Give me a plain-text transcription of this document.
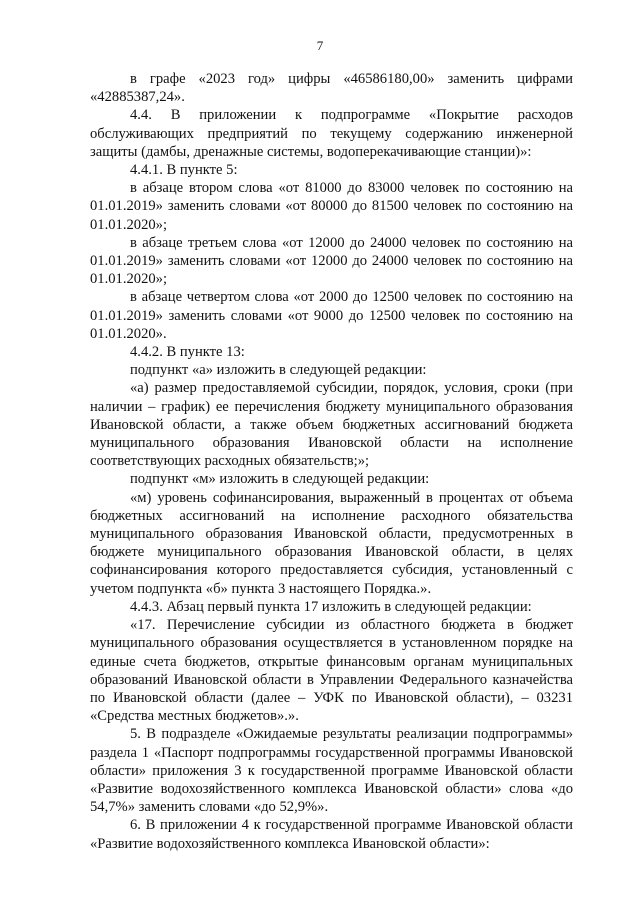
7

в графе «2023 год» цифры «46586180,00» заменить цифрами «42885387,24».

4.4. В приложении к подпрограмме «Покрытие расходов обслуживающих предприятий по текущему содержанию инженерной защиты (дамбы, дренажные системы, водоперекачивающие станции)»:

4.4.1. В пункте 5:

в абзаце втором слова «от 81000 до 83000 человек по состоянию на 01.01.2019» заменить словами «от 80000 до 81500 человек по состоянию на 01.01.2020»;

в абзаце третьем слова «от 12000 до 24000 человек по состоянию на 01.01.2019» заменить словами «от 12000 до 24000 человек по состоянию на 01.01.2020»;

в абзаце четвертом слова «от 2000 до 12500 человек по состоянию на 01.01.2019» заменить словами «от 9000 до 12500 человек по состоянию на 01.01.2020».

4.4.2. В пункте 13:

подпункт «а» изложить в следующей редакции:

«а) размер предоставляемой субсидии, порядок, условия, сроки (при наличии – график) ее перечисления бюджету муниципального образования Ивановской области, а также объем бюджетных ассигнований бюджета муниципального образования Ивановской области на исполнение соответствующих расходных обязательств;»;

подпункт «м» изложить в следующей редакции:

«м) уровень софинансирования, выраженный в процентах от объема бюджетных ассигнований на исполнение расходного обязательства муниципального образования Ивановской области, предусмотренных в бюджете муниципального образования Ивановской области, в целях софинансирования которого предоставляется субсидия, установленный с учетом подпункта «б» пункта 3 настоящего Порядка.».

4.4.3. Абзац первый пункта 17 изложить в следующей редакции:

«17. Перечисление субсидии из областного бюджета в бюджет муниципального образования осуществляется в установленном порядке на единые счета бюджетов, открытые финансовым органам муниципальных образований Ивановской области в Управлении Федерального казначейства по Ивановской области (далее – УФК по Ивановской области), – 03231 «Средства местных бюджетов».».

5. В подразделе «Ожидаемые результаты реализации подпрограммы» раздела 1 «Паспорт подпрограммы государственной программы Ивановской области» приложения 3 к государственной программе Ивановской области «Развитие водохозяйственного комплекса Ивановской области» слова «до 54,7%» заменить словами «до 52,9%».

6. В приложении 4 к государственной программе Ивановской области «Развитие водохозяйственного комплекса Ивановской области»:
